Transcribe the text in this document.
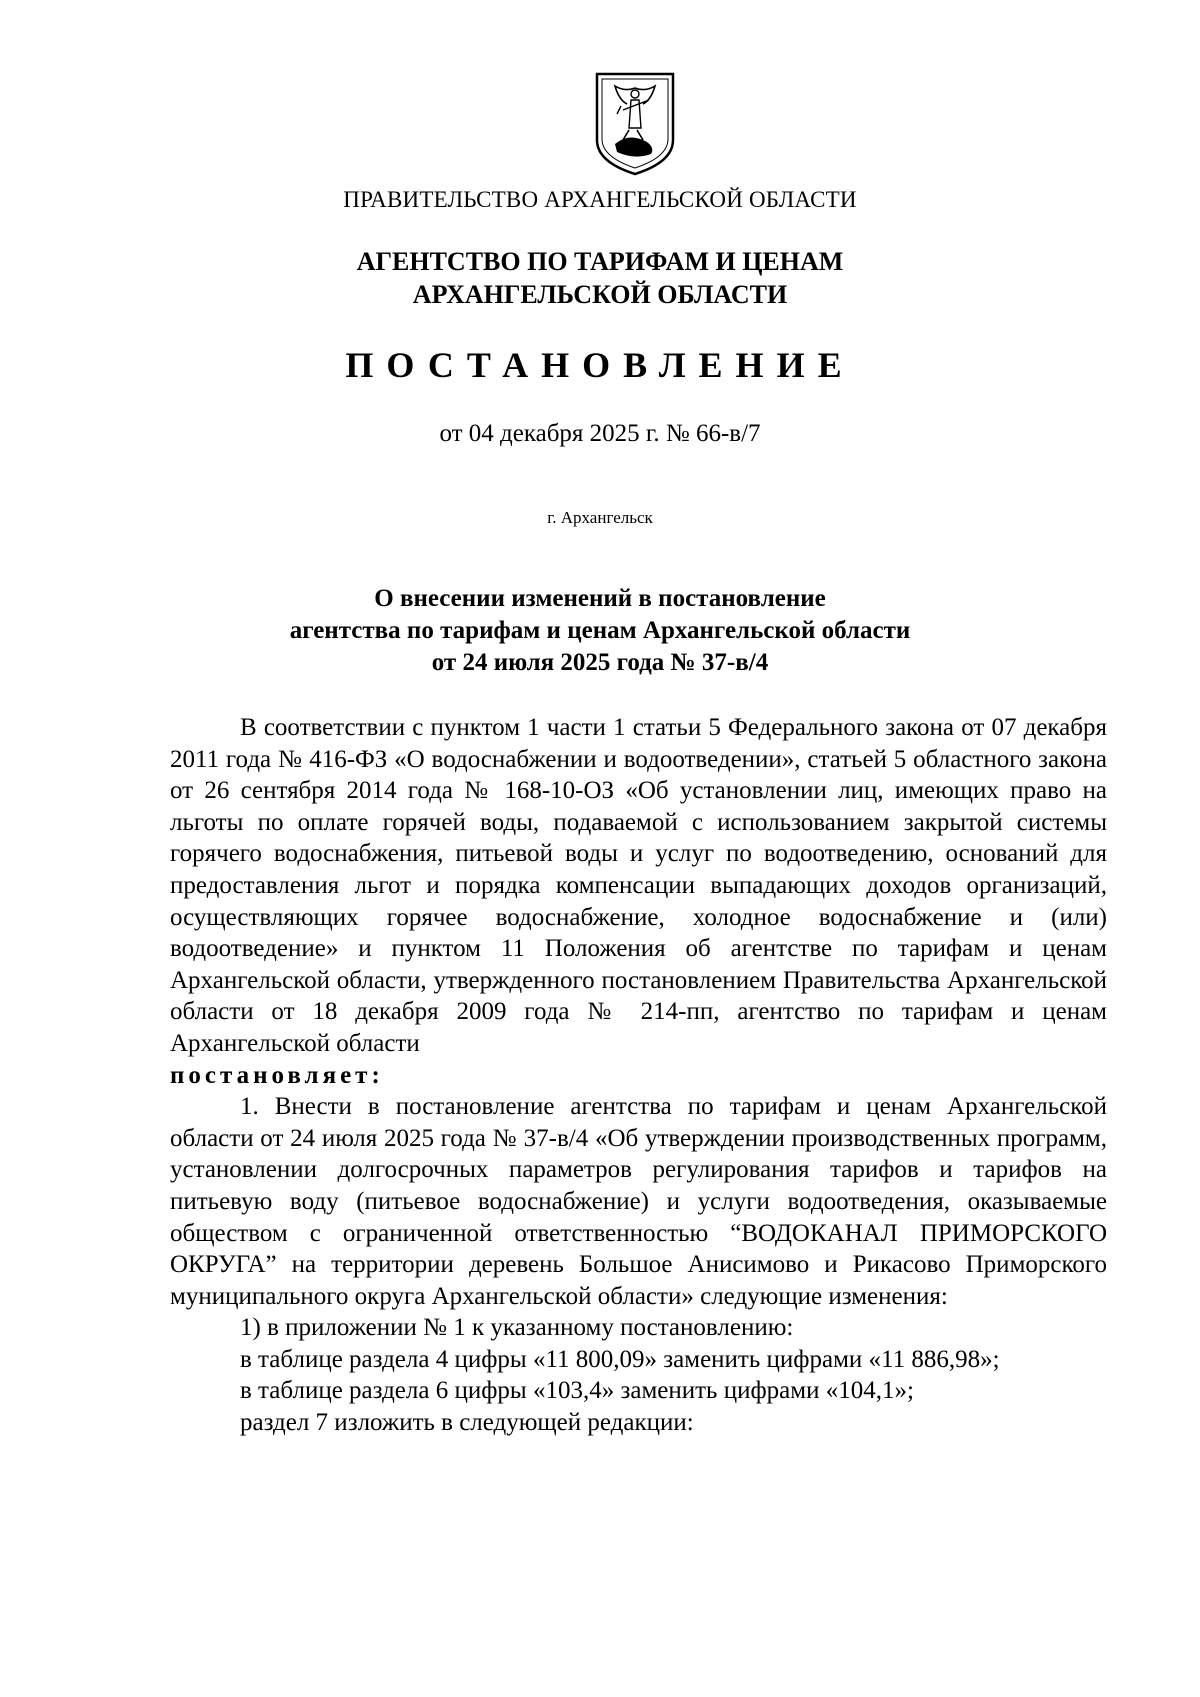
ПРАВИТЕЛЬСТВО АРХАНГЕЛЬСКОЙ ОБЛАСТИ
АГЕНТСТВО ПО ТАРИФАМ И ЦЕНАМ
АРХАНГЕЛЬСКОЙ ОБЛАСТИ
ПОСТАНОВЛЕНИЕ
от 04 декабря 2025 г. № 66-в/7
г. Архангельск
О внесении изменений в постановление
агентства по тарифам и ценам Архангельской области
от 24 июля 2025 года № 37-в/4

В соответствии с пунктом 1 части 1 статьи 5 Федерального закона от 07 декабря 2011 года № 416-ФЗ «О водоснабжении и водоотведении», статьей 5 областного закона от 26 сентября 2014 года № 168-10-ОЗ «Об установлении лиц, имеющих право на льготы по оплате горячей воды, подаваемой с использованием закрытой системы горячего водоснабжения, питьевой воды и услуг по водоотведению, оснований для предоставления льгот и порядка компенсации выпадающих доходов организаций, осуществляющих горячее водоснабжение, холодное водоснабжение и (или) водоотведение» и пунктом 11 Положения об агентстве по тарифам и ценам Архангельской области, утвержденного постановлением Правительства Архангельской области от 18 декабря 2009 года № 214-пп, агентство по тарифам и ценам Архангельской области

постановляет:

1. Внести в постановление агентства по тарифам и ценам Архангельской области от 24 июля 2025 года № 37-в/4 «Об утверждении производственных программ, установлении долгосрочных параметров регулирования тарифов и тарифов на питьевую воду (питьевое водоснабжение) и услуги водоотведения, оказываемые обществом с ограниченной ответственностью “ВОДОКАНАЛ ПРИМОРСКОГО ОКРУГА” на территории деревень Большое Анисимово и Рикасово Приморского муниципального округа Архангельской области» следующие изменения:

1) в приложении № 1 к указанному постановлению:

в таблице раздела 4 цифры «11 800,09» заменить цифрами «11 886,98»;

в таблице раздела 6 цифры «103,4» заменить цифрами «104,1»;

раздел 7 изложить в следующей редакции:
